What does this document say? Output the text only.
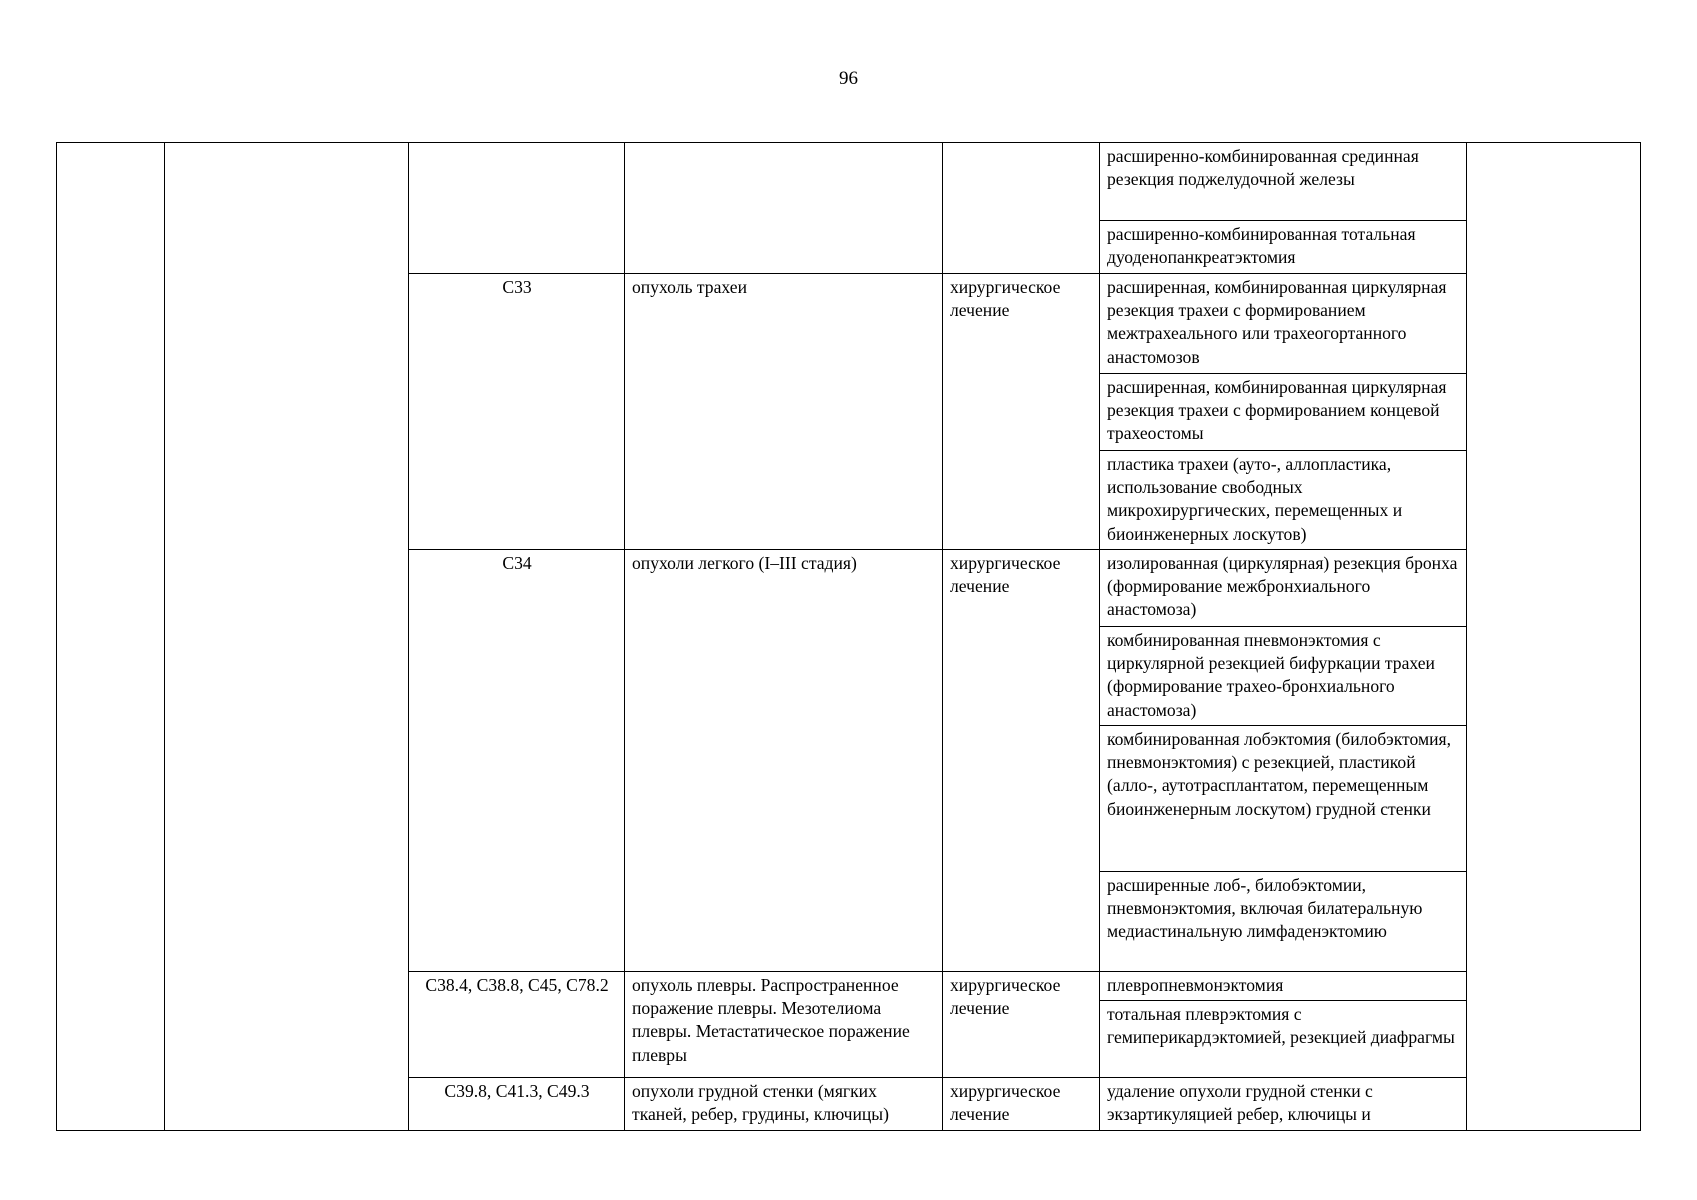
96
					расширенно-комбинированная срединная резекция поджелудочной железы	
					расширенно-комбинированная тотальная дуоденопанкреатэктомия	
		C33	опухоль трахеи	хирургическое лечение	расширенная, комбинированная циркулярная резекция трахеи с формированием межтрахеального или трахеогортанного анастомозов	
					расширенная, комбинированная циркулярная резекция трахеи с формированием концевой трахеостомы	
					пластика трахеи (ауто-, аллопластика, использование свободных микрохирургических, перемещенных и биоинженерных лоскутов)	
		C34	опухоли легкого (I–III стадия)	хирургическое лечение	изолированная (циркулярная) резекция бронха (формирование межбронхиального анастомоза)	
					комбинированная пневмонэктомия с циркулярной резекцией бифуркации трахеи (формирование трахео-бронхиального анастомоза)	
					комбинированная лобэктомия (билобэктомия, пневмонэктомия) с резекцией, пластикой (алло-, аутотрасплантатом, перемещенным биоинженерным лоскутом) грудной стенки	
					расширенные лоб-, билобэктомии, пневмонэктомия, включая билатеральную медиастинальную лимфаденэктомию	
		C38.4, C38.8, C45, C78.2	опухоль плевры. Распространенное поражение плевры. Мезотелиома плевры. Метастатическое поражение плевры	хирургическое лечение	плевропневмонэктомия	
					тотальная плеврэктомия с гемиперикардэктомией, резекцией диафрагмы	
		C39.8, C41.3, C49.3	опухоли грудной стенки (мягких тканей, ребер, грудины, ключицы)	хирургическое лечение	удаление опухоли грудной стенки с экзартикуляцией ребер, ключицы и	
